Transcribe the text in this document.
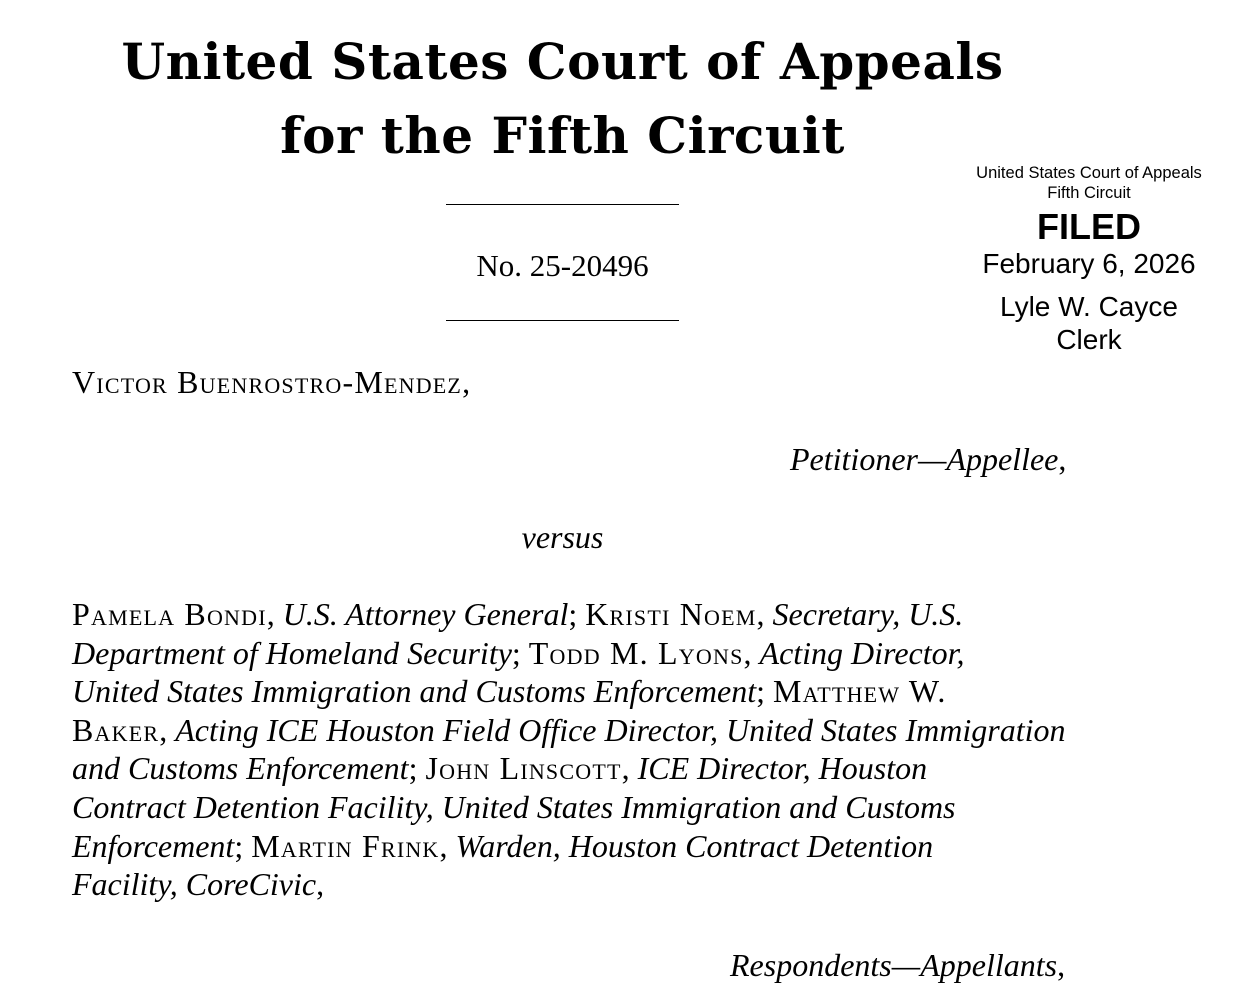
United States Court of Appeals
for the Fifth Circuit
No. 25-20496
United States Court of Appeals
Fifth Circuit
FILED
February 6, 2026
Lyle W. Cayce
Clerk
Victor Buenrostro-Mendez,
Petitioner—Appellee,
versus
Pamela Bondi, U.S. Attorney General; Kristi Noem, Secretary, U.S.
Department of Homeland Security; Todd M. Lyons, Acting Director,
United States Immigration and Customs Enforcement; Matthew W.
Baker, Acting ICE Houston Field Office Director, United States Immigration
and Customs Enforcement; John Linscott, ICE Director, Houston
Contract Detention Facility, United States Immigration and Customs
Enforcement; Martin Frink, Warden, Houston Contract Detention
Facility, CoreCivic,
Respondents—Appellants,
